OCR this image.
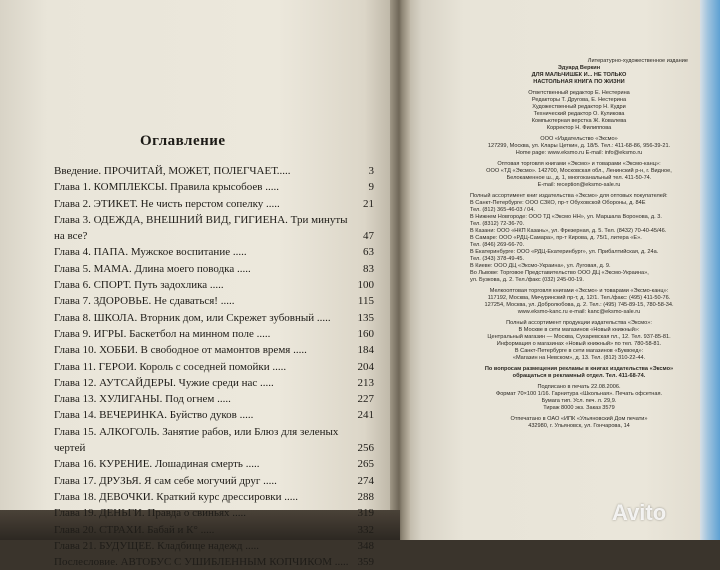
Оглавление
Введение. ПРОЧИТАЙ, МОЖЕТ, ПОЛЕГЧАЕТ.....	3
Глава 1. КОМПЛЕКСЫ. Правила крысобоев .....	9
Глава 2. ЭТИКЕТ. Не чисть перстом сопелку .....	21
Глава 3. ОДЕЖДА, ВНЕШНИЙ ВИД, ГИГИЕНА. Три минуты на все?	47
Глава 4. ПАПА. Мужское воспитание .....	63
Глава 5. МАМА. Длина моего поводка .....	83
Глава 6. СПОРТ. Путь задохлика .....	100
Глава 7. ЗДОРОВЬЕ. Не сдаваться! .....	115
Глава 8. ШКОЛА. Вторник дом, или Скрежет зубовный .....	135
Глава 9. ИГРЫ. Баскетбол на минном поле .....	160
Глава 10. ХОББИ. В свободное от мамонтов время .....	184
Глава 11. ГЕРОИ. Король с соседней помойки .....	204
Глава 12. АУТСАЙДЕРЫ. Чужие среди нас .....	213
Глава 13. ХУЛИГАНЫ. Под огнем .....	227
Глава 14. ВЕЧЕРИНКА. Буйство дуков .....	241
Глава 15. АЛКОГОЛЬ. Занятие рабов, или Блюз для зеленых чертей	256
Глава 16. КУРЕНИЕ. Лошадиная смерть .....	265
Глава 17. ДРУЗЬЯ. Я сам себе могучий друг .....	274
Глава 18. ДЕВОЧКИ. Краткий курс дрессировки .....	288
Глава 19. ДЕНЬГИ. Правда о свиньях .....	319
Глава 20. СТРАХИ. Бабай и К° .....	332
Глава 21. БУДУЩЕЕ. Кладбище надежд .....	348
Послесловие. АВТОБУС С УШИБЛЕННЫМ КОПЧИКОМ ..... 359
Литературно-художественное издание
Эдуард Веркин
ДЛЯ МАЛЬЧИШЕК И... НЕ ТОЛЬКО
НАСТОЛЬНАЯ КНИГА ПО ЖИЗНИ
Ответственный редактор Е. Нестерина
Редакторы Т. Другова, Е. Нестерина
Художественный редактор Н. Кудри
Технический редактор О. Куликова
Компьютерная верстка Ж. Ковалева
Корректор Н. Филиппова
ООО «Издательство «Эксмо»
127299, Москва, ул. Клары Цеткин, д. 18/5. Тел.: 411-68-86, 956-39-21.
Home page: www.eksmo.ru E-mail: info@eksmo.ru
Оптовая торговля книгами «Эксмо» и товарами «Эксмо-канц»:
ООО «ТД «Эксмо». 142700, Московская обл., Ленинский р-н, г. Видное,
Белокаменное ш., д. 1, многоканальный тел. 411-50-74.
E-mail: reception@eksmo-sale.ru
Полный ассортимент книг издательства «Эксмо» для оптовых покупателей:
В Санкт-Петербурге: ООО СЗКО, пр-т Обуховской Обороны, д. 84Е
Тел. (812) 365-46-03 / 04.
В Нижнем Новгороде: ООО ТД «Эксмо НН», ул. Маршала Воронова, д. 3.
Тел. (8312) 72-36-70.
В Казани: ООО «НКП Казань», ул. Фрезерная, д. 5. Тел. (8432) 70-40-45/46.
В Самаре: ООО «РДЦ-Самара», пр-т Кирова, д. 75/1, литера «Е».
Тел. (846) 269-66-70.
В Екатеринбурге: ООО «РДЦ-Екатеринбург», ул. Прибалтийская, д. 24а.
Тел. (343) 378-49-45.
В Киеве: ООО ДЦ «Эксмо-Украина», ул. Луговая, д. 9.
Во Львове: Торговое Представительство ООО ДЦ «Эксмо-Украина»,
ул. Бузкова, д. 2. Тел./факс (032) 245-00-19.
Мелкооптовая торговля книгами «Эксмо» и товарами «Эксмо-канц»:
117192, Москва, Мичуринский пр-т, д. 12/1. Тел./факс: (495) 411-50-76.
127254, Москва, ул. Добролюбова, д. 2. Тел.: (495) 745-89-15, 780-58-34.
www.eksmo-kanc.ru e-mail: kanc@eksmo-sale.ru
Полный ассортимент продукции издательства «Эксмо»:
В Москве в сети магазинов «Новый книжный»:
Центральный магазин — Москва, Сухаревская пл., 12. Тел. 937-85-81.
Информация о магазинах «Новый книжный» по тел. 780-58-81.
В Санкт-Петербурге в сети магазинов «Буквоед»:
«Магазин на Невском», д. 13. Тел. (812) 310-22-44.
По вопросам размещения рекламы в книгах издательства «Эксмо»
обращаться в рекламный отдел. Тел. 411-68-74.
Подписано в печать 22.08.2006.
Формат 70×100 1/16. Гарнитура «Школьная». Печать офсетная.
Бумага тип. Усл. печ. л. 29,9.
Тираж 8000 экз. Заказ 3579
Отпечатано в ОАО «ИПК «Ульяновский Дом печати»
432980, г. Ульяновск, ул. Гончарова, 14
Avito
